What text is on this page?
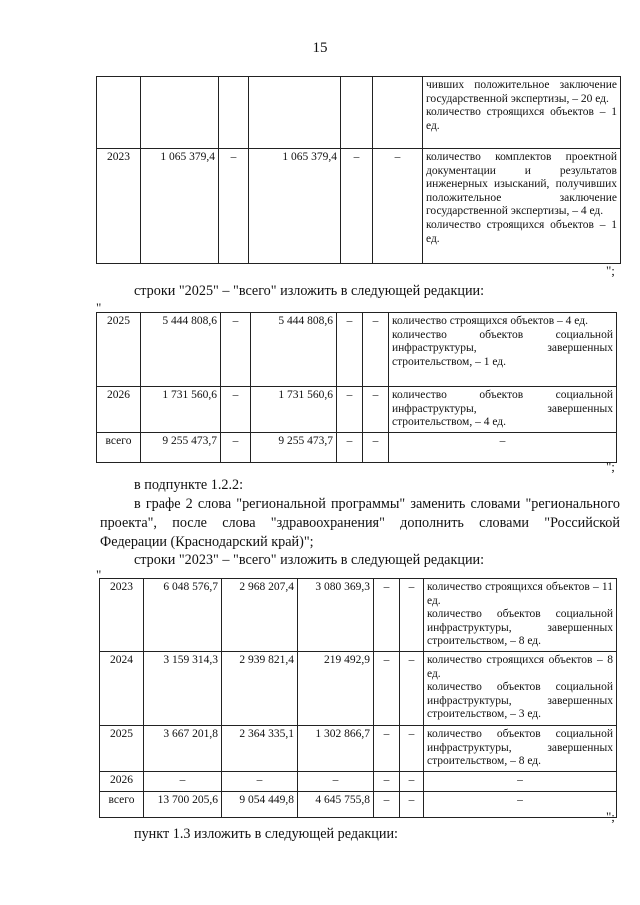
15
						чивших положительное заключение государственной экспертизы, – 20 ед.
количество строящихся объектов – 1 ед.
2023	1 065 379,4	–	1 065 379,4	–	–	количество комплектов проектной документации и результатов инженерных изысканий, получивших положительное заключение государственной экспертизы, – 4 ед.
количество строящихся объектов – 1 ед.
";
строки "2025" – "всего" изложить в следующей редакции:
"
2025	5 444 808,6	–	5 444 808,6	–	–	количество строящихся объектов – 4 ед.
количество объектов социальной инфраструктуры, завершенных строительством, – 1 ед.
2026	1 731 560,6	–	1 731 560,6	–	–	количество объектов социальной инфраструктуры, завершенных строительством, – 4 ед.
всего	9 255 473,7	–	9 255 473,7	–	–	–
";
в подпункте 1.2.2:
в графе 2 слова "региональной программы" заменить словами "регионального проекта", после слова "здравоохранения" дополнить словами "Российской Федерации (Краснодарский край)";
строки "2023" – "всего" изложить в следующей редакции:
"
2023	6 048 576,7	2 968 207,4	3 080 369,3	–	–	количество строящихся объектов – 11 ед.
количество объектов социальной инфраструктуры, завершенных строительством, – 8 ед.
2024	3 159 314,3	2 939 821,4	219 492,9	–	–	количество строящихся объектов – 8 ед.
количество объектов социальной инфраструктуры, завершенных строительством, – 3 ед.
2025	3 667 201,8	2 364 335,1	1 302 866,7	–	–	количество объектов социальной инфраструктуры, завершенных строительством, – 8 ед.
2026	–	–	–	–	–	–
всего	13 700 205,6	9 054 449,8	4 645 755,8	–	–	–
";
пункт 1.3 изложить в следующей редакции:
